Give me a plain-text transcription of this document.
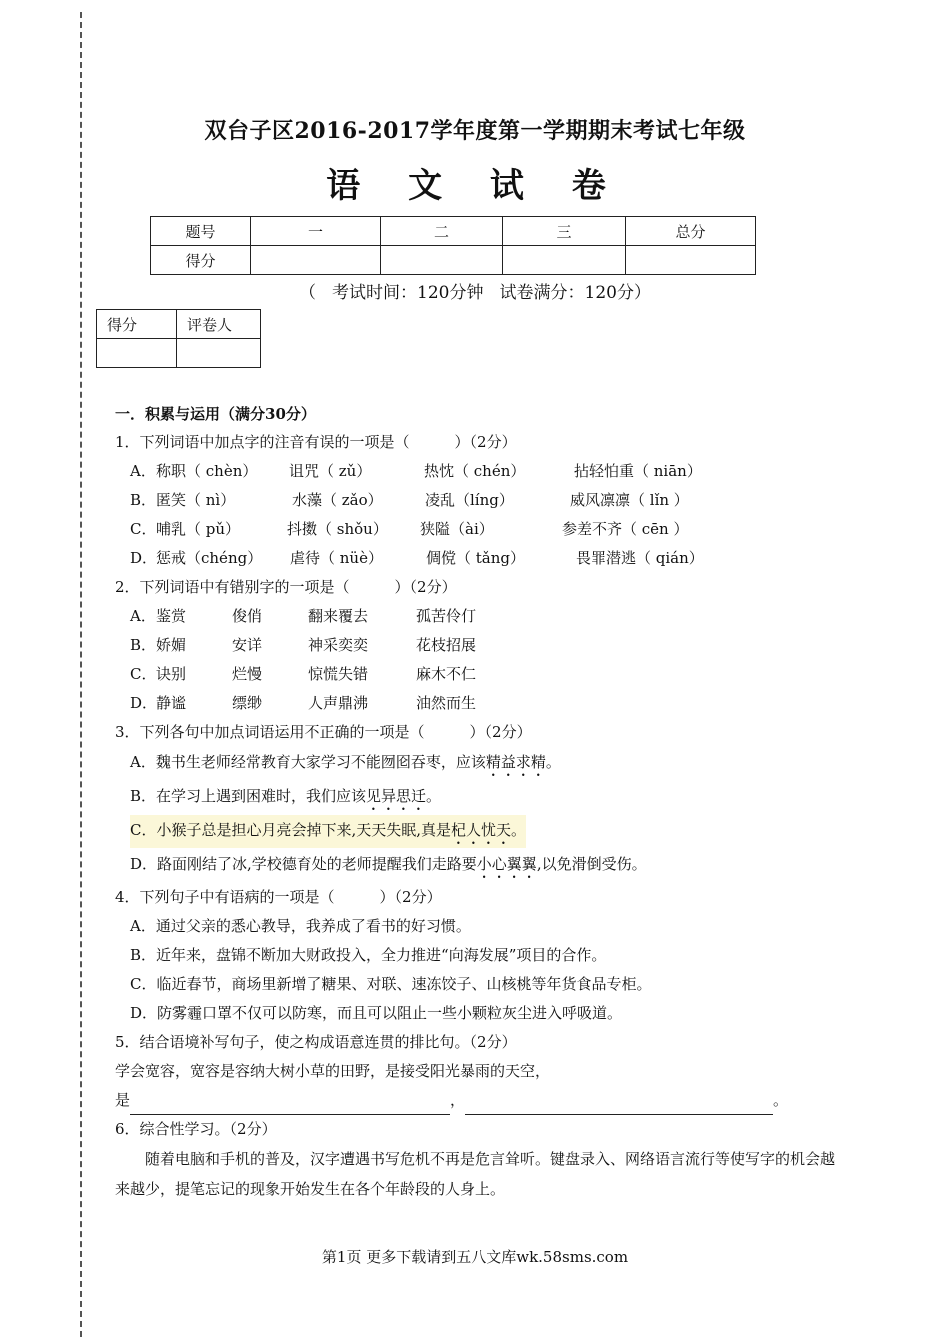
双台子区2016-2017学年度第一学期期末考试七年级
语 文 试 卷
题号	一	二	三	总分
得分				
（ 考试时间：120分钟 试卷满分：120分）
得分	评卷人

一．积累与运用（满分30分）
1．下列词语中加点字的注音有误的一项是（　　　）（2分）
A．称职（ chèn） 诅咒（ zǔ）	热忱（ chén）	拈轻怕重（ niān）
B．匿笑（ nì）	水藻（ zǎo）	凌乱（líng）	威风凛凛（ lǐn ）
C．哺乳（ pǔ）	抖擞（ shǒu） 狭隘（ài）	参差不齐（ cēn ）
D．惩戒（chéng） 虐待（ nüè）	倜傥（ tǎng）	畏罪潜逃（ qián）
2．下列词语中有错别字的一项是（　　　）（2分）
A．鉴赏	俊俏	翻来覆去	孤苦伶仃
B．娇媚	安详	神采奕奕	花枝招展
C．诀别	烂慢	惊慌失错	麻木不仁
D．静谧	缥缈	人声鼎沸	油然而生
3．下列各句中加点词语运用不正确的一项是（　　　）（2分）
A．魏书生老师经常教育大家学习不能囫囵吞枣，应该精益求精。
B．在学习上遇到困难时，我们应该见异思迁。
C．小猴子总是担心月亮会掉下来,天天失眠,真是杞人忧天。
D．路面刚结了冰,学校德育处的老师提醒我们走路要小心翼翼,以免滑倒受伤。
4．下列句子中有语病的一项是（　　　）（2分）
A．通过父亲的悉心教导，我养成了看书的好习惯。
B．近年来，盘锦不断加大财政投入，全力推进“向海发展”项目的合作。
C．临近春节，商场里新增了糖果、对联、速冻饺子、山核桃等年货食品专柜。
D．防雾霾口罩不仅可以防寒，而且可以阻止一些小颗粒灰尘进入呼吸道。
5．结合语境补写句子，使之构成语意连贯的排比句。（2分）
学会宽容，宽容是容纳大树小草的田野，是接受阳光暴雨的天空，
是	，	。
6．综合性学习。（2分）
随着电脑和手机的普及，汉字遭遇书写危机不再是危言耸听。键盘录入、网络语言流行等使写字的机会越来越少，提笔忘记的现象开始发生在各个年龄段的人身上。
第1页 更多下载请到五八文库wk.58sms.com
